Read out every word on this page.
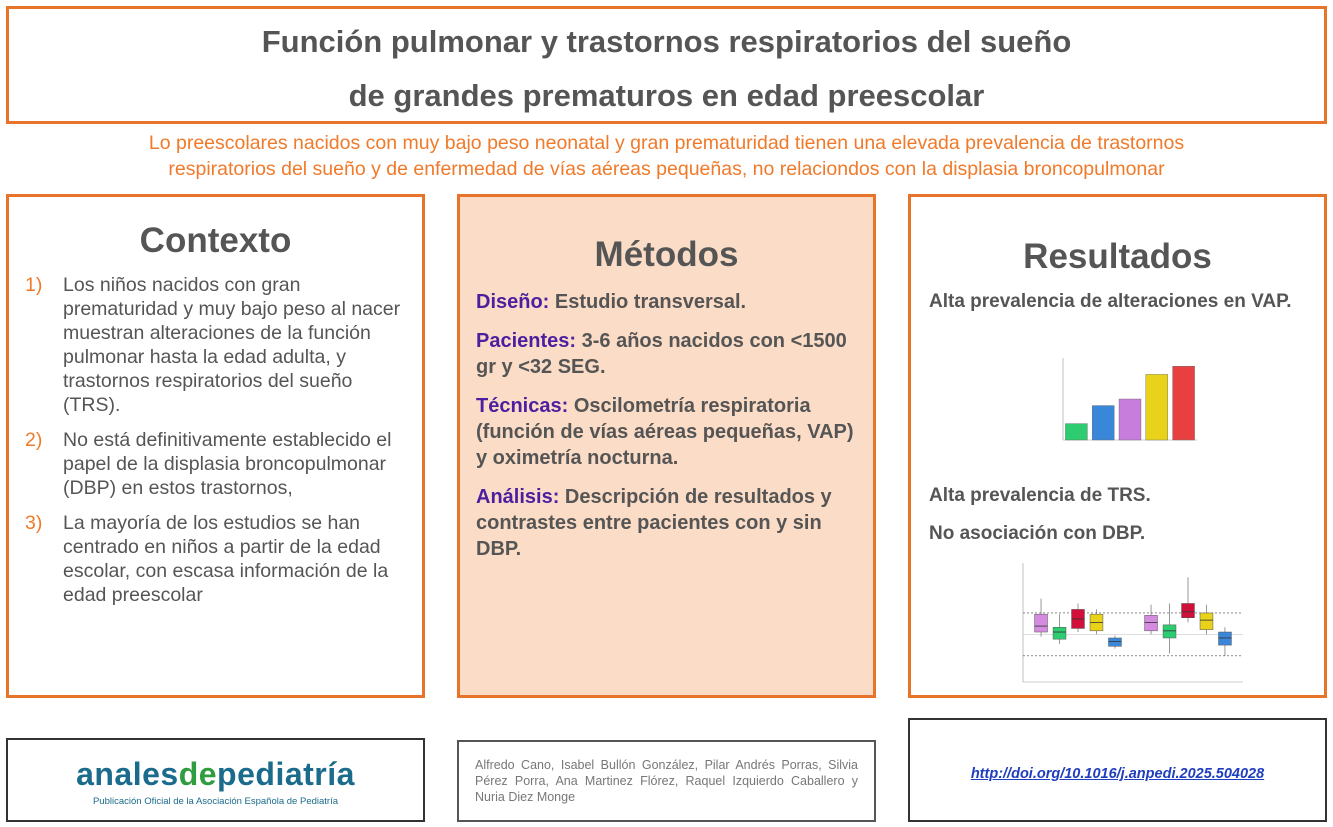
Función pulmonar y trastornos respiratorios del sueño
de grandes prematuros en edad preescolar
Lo preescolares nacidos con muy bajo peso neonatal y gran prematuridad tienen una elevada prevalencia de trastornos
respiratorios del sueño y de enfermedad de vías aéreas pequeñas, no relaciondos con la displasia broncopulmonar
Contexto
1)	Los niños nacidos con gran prematuridad y muy bajo peso al nacer muestran alteraciones de la función pulmonar hasta la edad adulta, y trastornos respiratorios del sueño (TRS).
2)	No está definitivamente establecido el papel de la displasia broncopulmonar (DBP) en estos trastornos,
3)	La mayoría de los estudios se han centrado en niños a partir de la edad escolar, con escasa información de la edad preescolar
Métodos
Diseño: Estudio transversal.
Pacientes: 3-6 años nacidos con <1500 gr y <32 SEG.
Técnicas: Oscilometría respiratoria (función de vías aéreas pequeñas, VAP) y oximetría nocturna.
Análisis: Descripción de resultados y contrastes entre pacientes con y sin DBP.
Resultados
Alta prevalencia de alteraciones en VAP.
Alta prevalencia de TRS.
No asociación con DBP.
analesdepediatría
Publicación Oficial de la Asociación Española de Pediatría
Alfredo Cano, Isabel Bullón González, Pilar Andrés Porras, Silvia Pérez Porra, Ana Martinez Flórez, Raquel Izquierdo Caballero y Nuria Diez Monge
http://doi.org/10.1016/j.anpedi.2025.504028
